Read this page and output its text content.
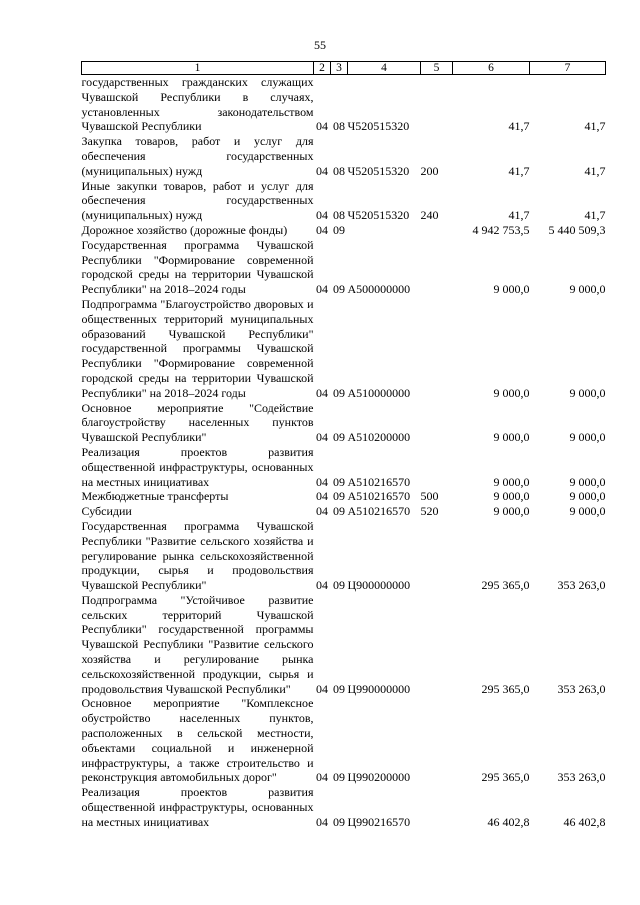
55
1	2	3	4	5	6	7
государственных гражданских служащих Чувашской Республики в случаях, установленных законодательством Чувашской Республики	04	08	Ч520515320		41,7	41,7
Закупка товаров, работ и услуг для обеспечения государственных (муниципальных) нужд	04	08	Ч520515320	200	41,7	41,7
Иные закупки товаров, работ и услуг для обеспечения государственных (муниципальных) нужд	04	08	Ч520515320	240	41,7	41,7
Дорожное хозяйство (дорожные фонды)	04	09			4 942 753,5	5 440 509,3
Государственная программа Чувашской Республики "Формирование современной городской среды на территории Чувашской Республики" на 2018–2024 годы	04	09	А500000000		9 000,0	9 000,0
Подпрограмма "Благоустройство дворовых и общественных территорий муниципальных образований Чувашской Республики" государственной программы Чувашской Республики "Формирование современной городской среды на территории Чувашской Республики" на 2018–2024 годы	04	09	А510000000		9 000,0	9 000,0
Основное мероприятие "Содействие благоустройству населенных пунктов Чувашской Республики"	04	09	А510200000		9 000,0	9 000,0
Реализация проектов развития общественной инфраструктуры, основанных на местных инициативах	04	09	А510216570		9 000,0	9 000,0
Межбюджетные трансферты	04	09	А510216570	500	9 000,0	9 000,0
Субсидии	04	09	А510216570	520	9 000,0	9 000,0
Государственная программа Чувашской Республики "Развитие сельского хозяйства и регулирование рынка сельскохозяйственной продукции, сырья и продовольствия Чувашской Республики"	04	09	Ц900000000		295 365,0	353 263,0
Подпрограмма "Устойчивое развитие сельских территорий Чувашской Республики" государственной программы Чувашской Республики "Развитие сельского хозяйства и регулирование рынка сельскохозяйственной продукции, сырья и продовольствия Чувашской Республики"	04	09	Ц990000000		295 365,0	353 263,0
Основное мероприятие "Комплексное обустройство населенных пунктов, расположенных в сельской местности, объектами социальной и инженерной инфраструктуры, а также строительство и реконструкция автомобильных дорог"	04	09	Ц990200000		295 365,0	353 263,0
Реализация проектов развития общественной инфраструктуры, основанных на местных инициативах	04	09	Ц990216570		46 402,8	46 402,8
